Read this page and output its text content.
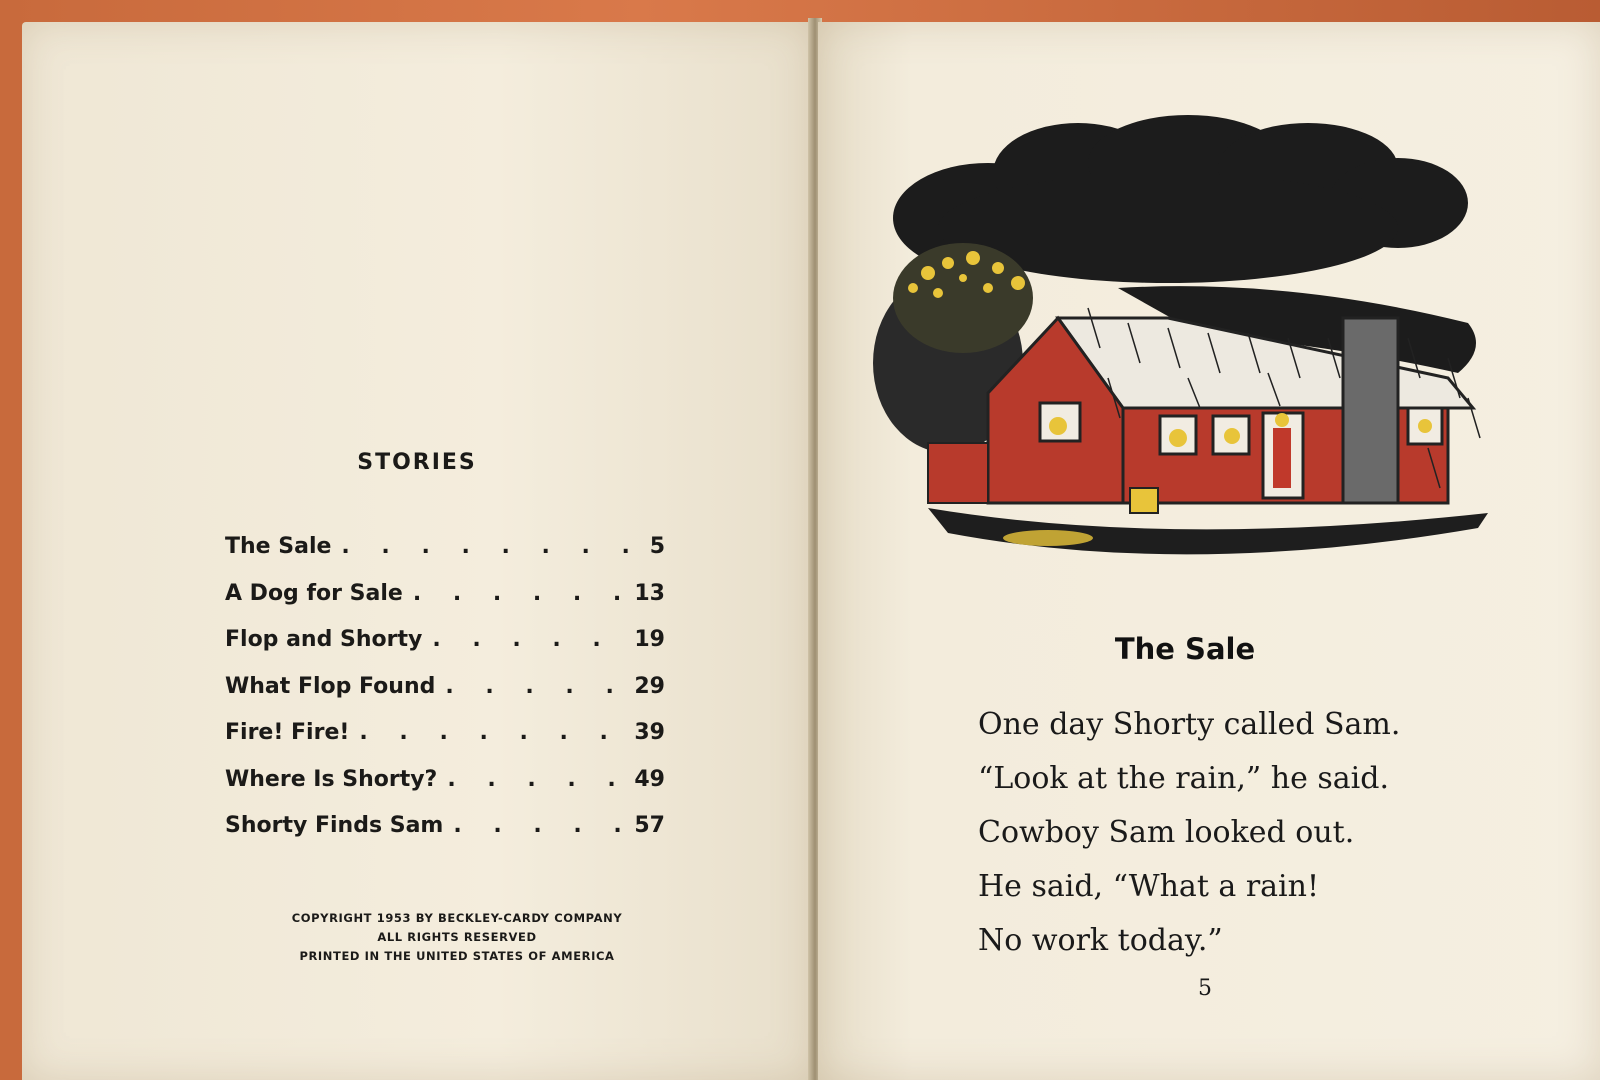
STORIES
The Sale . . .	5
A Dog for Sale . . .	13
Flop and Shorty . . .	19
What Flop Found . . .	29
Fire! Fire! . . .	39
Where Is Shorty? . . .	49
Shorty Finds Sam . . .	57
COPYRIGHT 1953 BY BECKLEY-CARDY COMPANY
ALL RIGHTS RESERVED
PRINTED IN THE UNITED STATES OF AMERICA
The Sale
One day Shorty called Sam.
“Look at the rain,” he said.
Cowboy Sam looked out.
He said, “What a rain!
No work today.”
5
